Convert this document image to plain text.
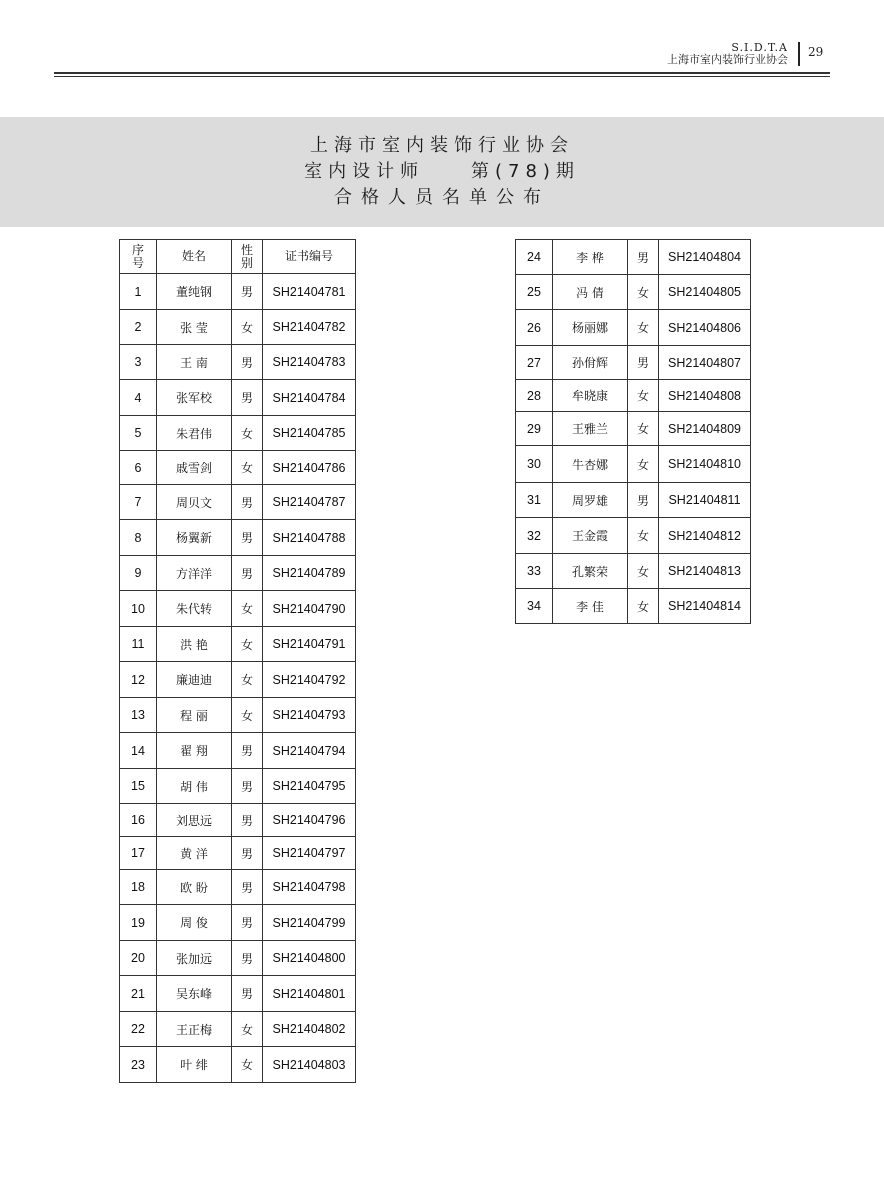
S.I.D.T.A
上海市室内装饰行业协会
29
上海市室内装饰行业协会
室内设计师    第(78)期
合格人员名单公布
序号	姓名	性别	证书编号
1	董纯钢	男	SH21404781
2	张 莹	女	SH21404782
3	王 南	男	SH21404783
4	张军校	男	SH21404784
5	朱君伟	女	SH21404785
6	戚雪剑	女	SH21404786
7	周贝文	男	SH21404787
8	杨翼新	男	SH21404788
9	方洋洋	男	SH21404789
10	朱代转	女	SH21404790
11	洪 艳	女	SH21404791
12	廉迪迪	女	SH21404792
13	程 丽	女	SH21404793
14	翟 翔	男	SH21404794
15	胡 伟	男	SH21404795
16	刘思远	男	SH21404796
17	黄 洋	男	SH21404797
18	欧 盼	男	SH21404798
19	周 俊	男	SH21404799
20	张加远	男	SH21404800
21	吴东峰	男	SH21404801
22	王正梅	女	SH21404802
23	叶 绯	女	SH21404803
24	李 桦	男	SH21404804
25	冯 倩	女	SH21404805
26	杨丽娜	女	SH21404806
27	孙佾辉	男	SH21404807
28	牟晓康	女	SH21404808
29	王雅兰	女	SH21404809
30	牛杏娜	女	SH21404810
31	周罗雄	男	SH21404811
32	王金霞	女	SH21404812
33	孔繁荣	女	SH21404813
34	李 佳	女	SH21404814
